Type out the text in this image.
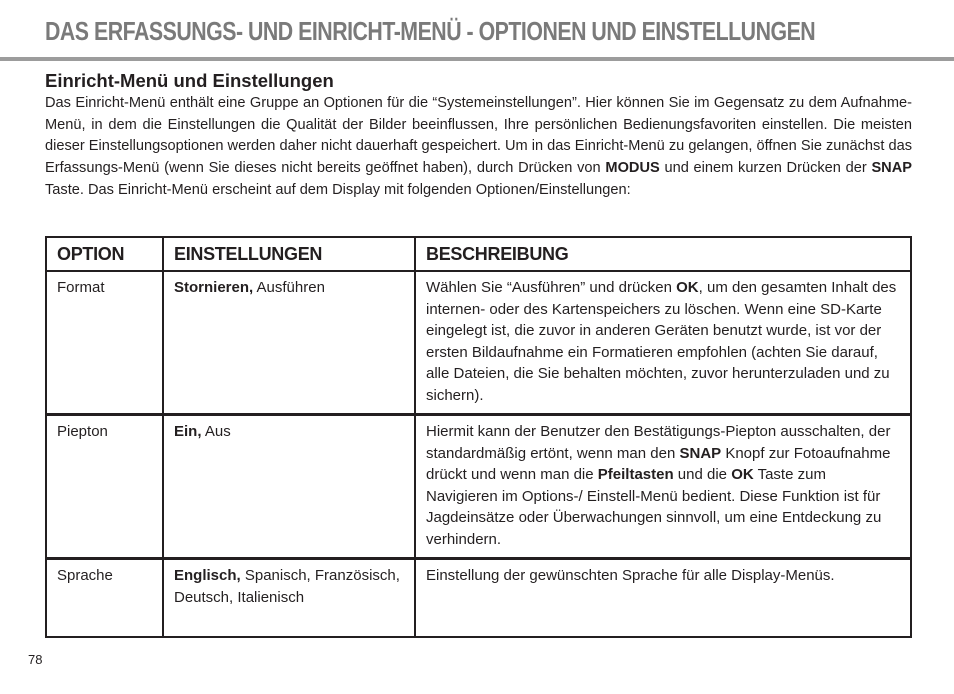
DAS ERFASSUNGS- UND EINRICHT-MENÜ - OPTIONEN UND EINSTELLUNGEN
Einricht-Menü und Einstellungen
Das Einricht-Menü enthält eine Gruppe an Optionen für die “Systemeinstellungen”. Hier können Sie im Gegensatz zu dem Aufnahme-Menü, in dem die Einstellungen die Qualität der Bilder beeinflussen, Ihre persönlichen Bedienungsfavoriten einstellen. Die meisten dieser Einstellungsoptionen werden daher nicht dauerhaft gespeichert. Um in das Einricht-Menü zu gelangen, öffnen Sie zunächst das Erfassungs-Menü (wenn Sie dieses nicht bereits geöffnet haben), durch Drücken von MODUS und einem kurzen Drücken der SNAP Taste. Das Einricht-Menü erscheint auf dem Display mit folgenden Optionen/Einstellungen:
OPTION	EINSTELLUNGEN	BESCHREIBUNG
Format	Stornieren, Ausführen	Wählen Sie “Ausführen” und drücken OK, um den gesamten Inhalt des internen- oder des Kartenspeichers zu löschen. Wenn eine SD-Karte eingelegt ist, die zuvor in anderen Geräten benutzt wurde, ist vor der ersten Bildaufnahme ein Formatieren empfohlen (achten Sie darauf, alle Dateien, die Sie behalten möchten, zuvor herunterzuladen und zu sichern).
Piepton	Ein, Aus	Hiermit kann der Benutzer den Bestätigungs-Piepton ausschalten, der standardmäßig ertönt, wenn man den SNAP Knopf zur Fotoaufnahme drückt und wenn man die Pfeiltasten und die OK Taste zum Navigieren im Options-/ Einstell-Menü bedient. Diese Funktion ist für Jagdeinsätze oder Überwachungen sinnvoll, um eine Entdeckung zu verhindern.
Sprache	Englisch, Spanisch, Französisch, Deutsch, Italienisch	Einstellung der gewünschten Sprache für alle Display-Menüs.
78
